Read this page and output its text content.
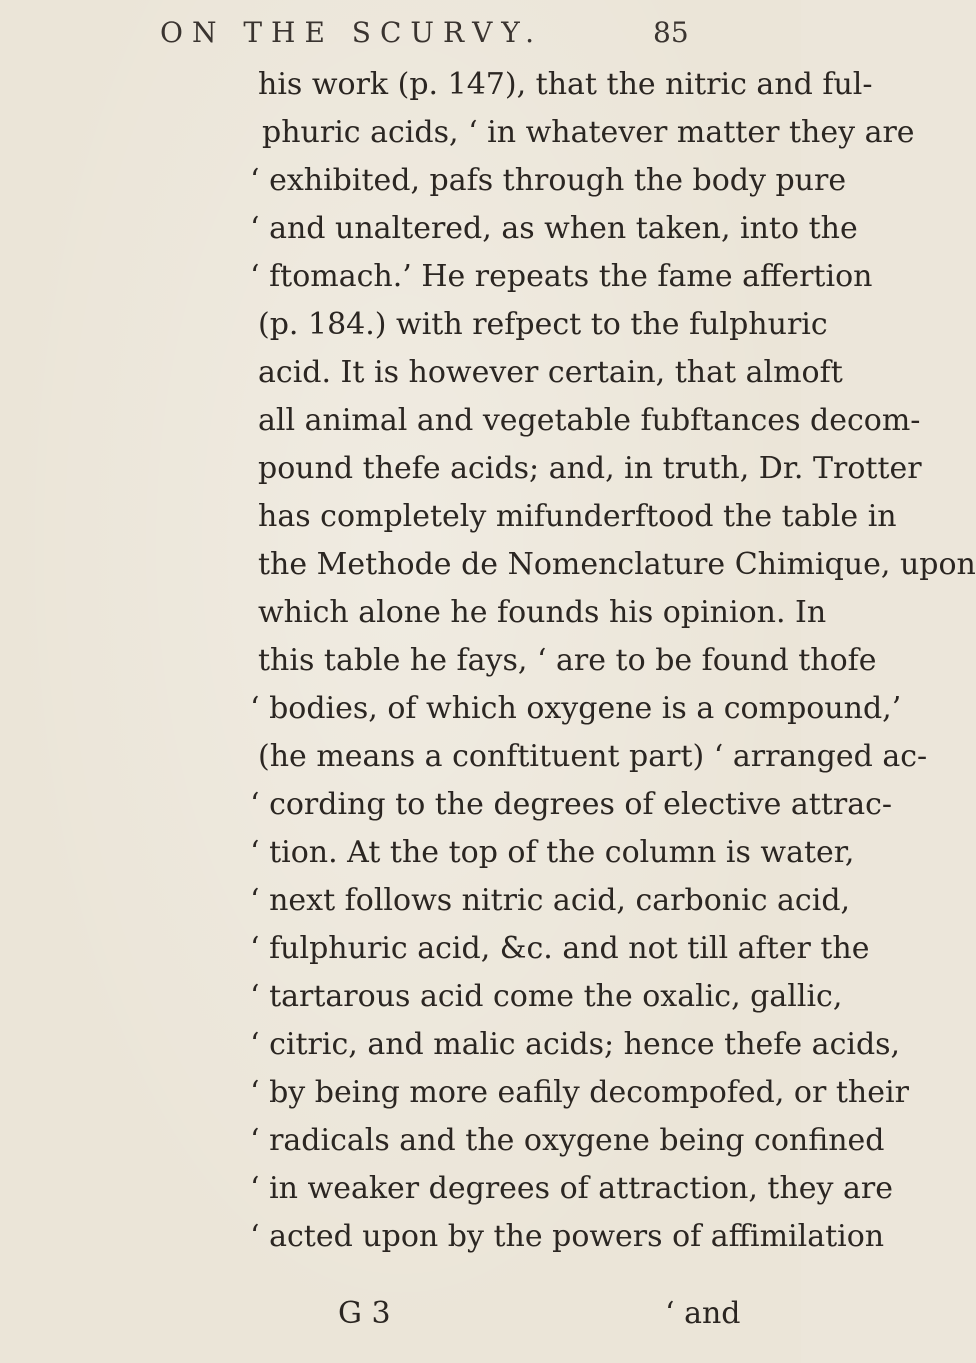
ON THE SCURVY.	85
his work (p. 147), that the nitric and ful-
phuric acids, ‘ in whatever matter they are
‘ exhibited, pafs through the body pure
‘ and unaltered, as when taken, into the
‘ ftomach.’ He repeats the fame affertion
(p. 184.) with refpect to the fulphuric
acid. It is however certain, that almoft
all animal and vegetable fubftances decom-
pound thefe acids; and, in truth, Dr. Trotter
has completely mifunderftood the table in
the Methode de Nomenclature Chimique, upon
which alone he founds his opinion. In
this table he fays, ‘ are to be found thofe
‘ bodies, of which oxygene is a compound,’
(he means a conftituent part) ‘ arranged ac-
‘ cording to the degrees of elective attrac-
‘ tion. At the top of the column is water,
‘ next follows nitric acid, carbonic acid,
‘ fulphuric acid, &c. and not till after the
‘ tartarous acid come the oxalic, gallic,
‘ citric, and malic acids; hence thefe acids,
‘ by being more eafily decompofed, or their
‘ radicals and the oxygene being confined
‘ in weaker degrees of attraction, they are
‘ acted upon by the powers of affimilation
G 3	‘ and
